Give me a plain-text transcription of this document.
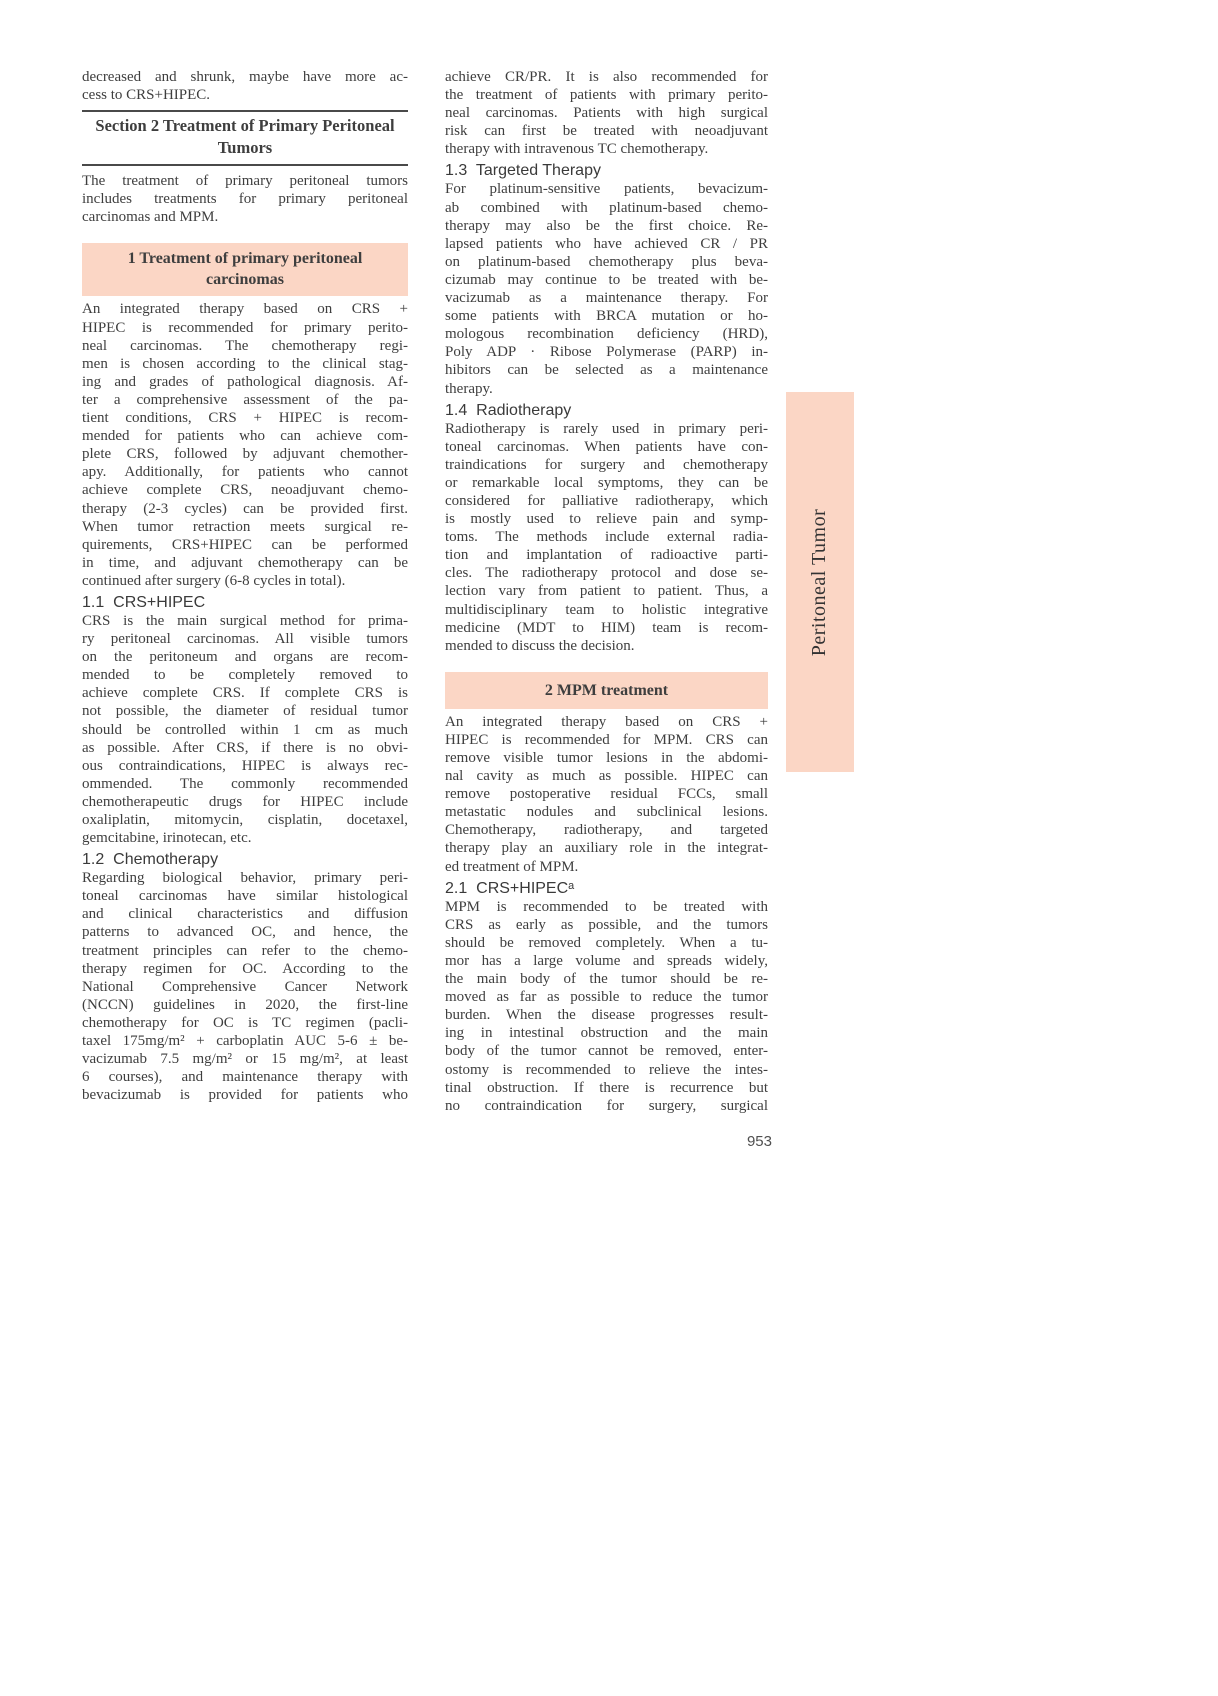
decreased and shrunk, maybe have more ac-
cess to CRS+HIPEC.
Section 2 Treatment of Primary Peritoneal
Tumors
The treatment of primary peritoneal tumors
includes treatments for primary peritoneal
carcinomas and MPM.
1 Treatment of primary peritoneal
carcinomas
An integrated therapy based on CRS +
HIPEC is recommended for primary perito-
neal carcinomas. The chemotherapy regi-
men is chosen according to the clinical stag-
ing and grades of pathological diagnosis. Af-
ter a comprehensive assessment of the pa-
tient conditions, CRS + HIPEC is recom-
mended for patients who can achieve com-
plete CRS, followed by adjuvant chemother-
apy. Additionally, for patients who cannot
achieve complete CRS, neoadjuvant chemo-
therapy (2-3 cycles) can be provided first.
When tumor retraction meets surgical re-
quirements, CRS+HIPEC can be performed
in time, and adjuvant chemotherapy can be
continued after surgery (6-8 cycles in total).
1.1  CRS+HIPEC
CRS is the main surgical method for prima-
ry peritoneal carcinomas. All visible tumors
on the peritoneum and organs are recom-
mended to be completely removed to
achieve complete CRS. If complete CRS is
not possible, the diameter of residual tumor
should be controlled within 1 cm as much
as possible. After CRS, if there is no obvi-
ous contraindications, HIPEC is always rec-
ommended. The commonly recommended
chemotherapeutic drugs for HIPEC include
oxaliplatin, mitomycin, cisplatin, docetaxel,
gemcitabine, irinotecan, etc.
1.2  Chemotherapy
Regarding biological behavior, primary peri-
toneal carcinomas have similar histological
and clinical characteristics and diffusion
patterns to advanced OC, and hence, the
treatment principles can refer to the chemo-
therapy regimen for OC. According to the
National Comprehensive Cancer Network
(NCCN) guidelines in 2020, the first-line
chemotherapy for OC is TC regimen (pacli-
taxel 175mg/m² + carboplatin AUC 5-6 ± be-
vacizumab 7.5 mg/m² or 15 mg/m², at least
6 courses), and maintenance therapy with
bevacizumab is provided for patients who
achieve CR/PR. It is also recommended for
the treatment of patients with primary perito-
neal carcinomas. Patients with high surgical
risk can first be treated with neoadjuvant
therapy with intravenous TC chemotherapy.
1.3  Targeted Therapy
For platinum-sensitive patients, bevacizum-
ab combined with platinum-based chemo-
therapy may also be the first choice. Re-
lapsed patients who have achieved CR / PR
on platinum-based chemotherapy plus beva-
cizumab may continue to be treated with be-
vacizumab as a maintenance therapy. For
some patients with BRCA mutation or ho-
mologous recombination deficiency (HRD),
Poly ADP · Ribose Polymerase (PARP) in-
hibitors can be selected as a maintenance
therapy.
1.4  Radiotherapy
Radiotherapy is rarely used in primary peri-
toneal carcinomas. When patients have con-
traindications for surgery and chemotherapy
or remarkable local symptoms, they can be
considered for palliative radiotherapy, which
is mostly used to relieve pain and symp-
toms. The methods include external radia-
tion and implantation of radioactive parti-
cles. The radiotherapy protocol and dose se-
lection vary from patient to patient. Thus, a
multidisciplinary team to holistic integrative
medicine (MDT to HIM) team is recom-
mended to discuss the decision.
2 MPM treatment
An integrated therapy based on CRS +
HIPEC is recommended for MPM. CRS can
remove visible tumor lesions in the abdomi-
nal cavity as much as possible. HIPEC can
remove postoperative residual FCCs, small
metastatic nodules and subclinical lesions.
Chemotherapy, radiotherapy, and targeted
therapy play an auxiliary role in the integrat-
ed treatment of MPM.
2.1  CRS+HIPECᵃ
MPM is recommended to be treated with
CRS as early as possible, and the tumors
should be removed completely. When a tu-
mor has a large volume and spreads widely,
the main body of the tumor should be re-
moved as far as possible to reduce the tumor
burden. When the disease progresses result-
ing in intestinal obstruction and the main
body of the tumor cannot be removed, enter-
ostomy is recommended to relieve the intes-
tinal obstruction. If there is recurrence but
no contraindication for surgery, surgical
Peritoneal Tumor
953
